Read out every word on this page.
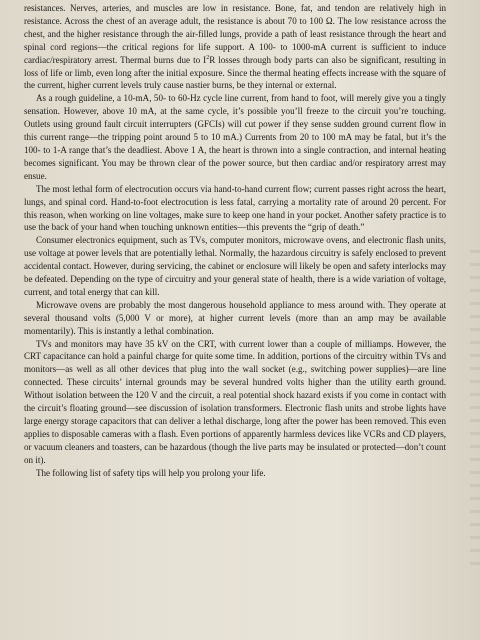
resistances. Nerves, arteries, and muscles are low in resistance. Bone, fat, and tendon are relatively high in resistance. Across the chest of an average adult, the resistance is about 70 to 100 Ω. The low resistance across the chest, and the higher resistance through the air-filled lungs, provide a path of least resistance through the heart and spinal cord regions—the critical regions for life support. A 100- to 1000-mA current is sufficient to induce cardiac/respiratory arrest. Thermal burns due to $I^2R$ losses through body parts can also be significant, resulting in loss of life or limb, even long after the initial exposure. Since the thermal heating effects increase with the square of the current, higher current levels truly cause nastier burns, be they internal or external.

As a rough guideline, a 10-mA, 50- to 60-Hz cycle line current, from hand to foot, will merely give you a tingly sensation. However, above 10 mA, at the same cycle, it’s possible you’ll freeze to the circuit you’re touching. Outlets using ground fault circuit interrupters (GFCIs) will cut power if they sense sudden ground current flow in this current range—the tripping point around 5 to 10 mA.) Currents from 20 to 100 mA may be fatal, but it’s the 100- to 1-A range that’s the deadliest. Above 1 A, the heart is thrown into a single contraction, and internal heating becomes significant. You may be thrown clear of the power source, but then cardiac and/or respiratory arrest may ensue.

The most lethal form of electrocution occurs via hand-to-hand current flow; current passes right across the heart, lungs, and spinal cord. Hand-to-foot electrocution is less fatal, carrying a mortality rate of around 20 percent. For this reason, when working on line voltages, make sure to keep one hand in your pocket. Another safety practice is to use the back of your hand when touching unknown entities—this prevents the “grip of death.”

Consumer electronics equipment, such as TVs, computer monitors, microwave ovens, and electronic flash units, use voltage at power levels that are potentially lethal. Normally, the hazardous circuitry is safely enclosed to prevent accidental contact. However, during servicing, the cabinet or enclosure will likely be open and safety interlocks may be defeated. Depending on the type of circuitry and your general state of health, there is a wide variation of voltage, current, and total energy that can kill.

Microwave ovens are probably the most dangerous household appliance to mess around with. They operate at several thousand volts (5,000 V or more), at higher current levels (more than an amp may be available momentarily). This is instantly a lethal combination.

TVs and monitors may have 35 kV on the CRT, with current lower than a couple of milliamps. However, the CRT capacitance can hold a painful charge for quite some time. In addition, portions of the circuitry within TVs and monitors—as well as all other devices that plug into the wall socket (e.g., switching power supplies)—are line connected. These circuits’ internal grounds may be several hundred volts higher than the utility earth ground. Without isolation between the 120 V and the circuit, a real potential shock hazard exists if you come in contact with the circuit’s floating ground—see discussion of isolation transformers. Electronic flash units and strobe lights have large energy storage capacitors that can deliver a lethal discharge, long after the power has been removed. This even applies to disposable cameras with a flash. Even portions of apparently harmless devices like VCRs and CD players, or vacuum cleaners and toasters, can be hazardous (though the live parts may be insulated or protected—don’t count on it).

The following list of safety tips will help you prolong your life.
